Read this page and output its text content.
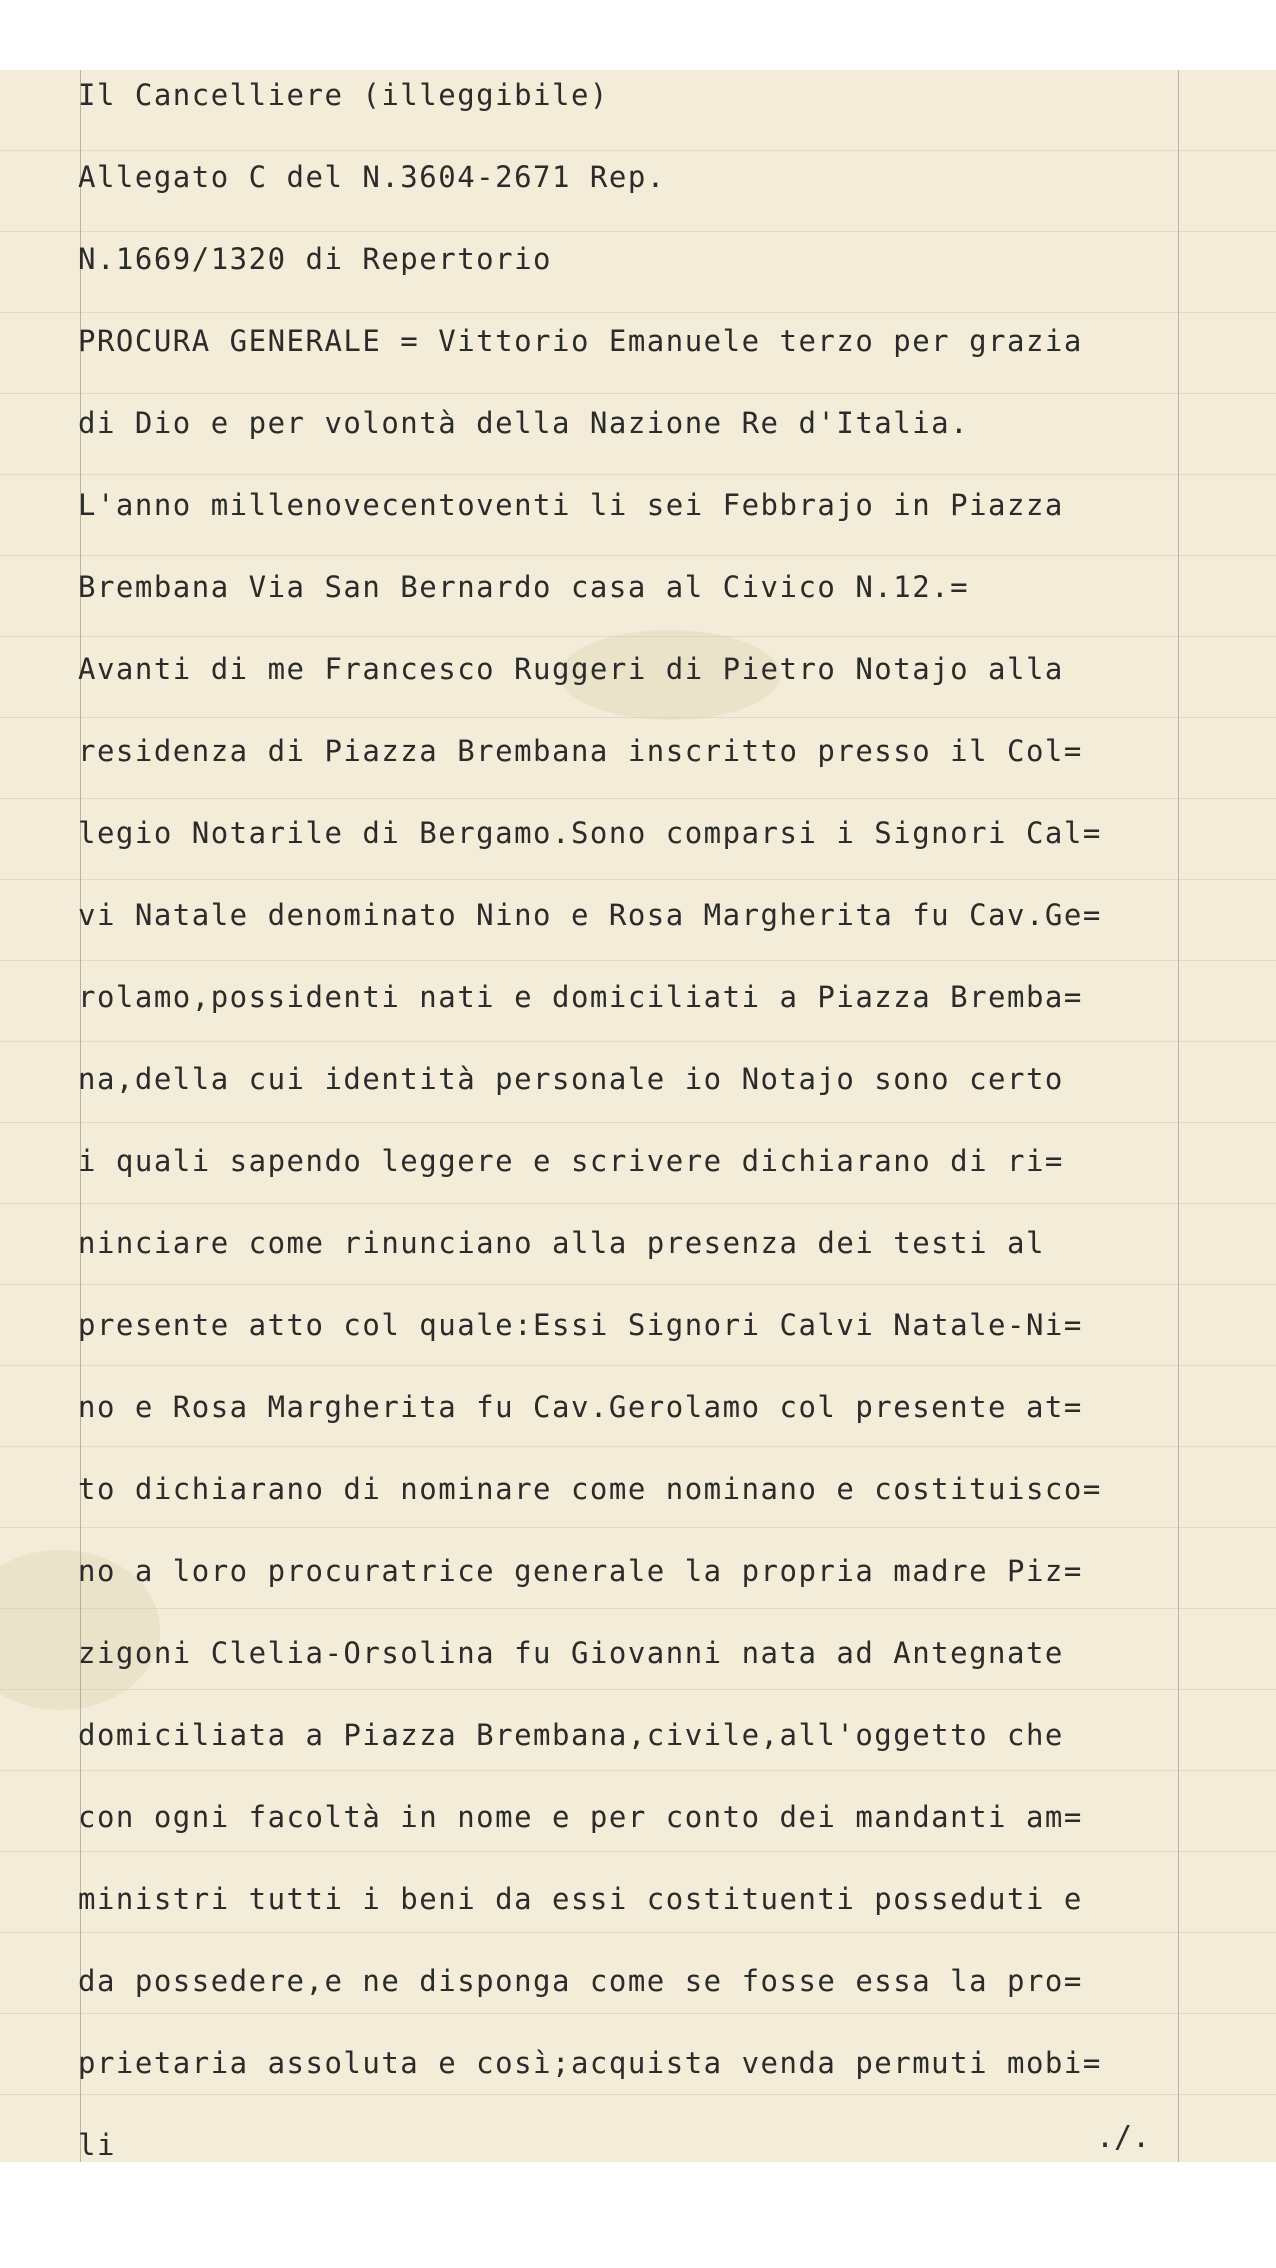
Il Cancelliere (illeggibile)
Allegato C del N.3604-2671 Rep.
N.1669/1320 di Repertorio
PROCURA GENERALE = Vittorio Emanuele terzo per grazia
di Dio e per volontà della Nazione Re d'Italia.
L'anno millenovecentoventi li sei Febbrajo in Piazza
Brembana Via San Bernardo casa al Civico N.12.=
Avanti di me Francesco Ruggeri di Pietro Notajo alla
residenza di Piazza Brembana inscritto presso il Col=
legio Notarile di Bergamo.Sono comparsi i Signori Cal=
vi Natale denominato Nino e Rosa Margherita fu Cav.Ge=
rolamo,possidenti nati e domiciliati a Piazza Bremba=
na,della cui identità personale io Notajo sono certo
i quali sapendo leggere e scrivere dichiarano di ri=
ninciare come rinunciano alla presenza dei testi al
presente atto col quale:Essi Signori Calvi Natale-Ni=
no e Rosa Margherita fu Cav.Gerolamo col presente at=
to dichiarano di nominare come nominano e costituisco=
no a loro procuratrice generale la propria madre Piz=
zigoni Clelia-Orsolina fu Giovanni nata ad Antegnate
domiciliata a Piazza Brembana,civile,all'oggetto che
con ogni facoltà in nome e per conto dei mandanti am=
ministri tutti i beni da essi costituenti posseduti e
da possedere,e ne disponga come se fosse essa la pro=
prietaria assoluta e così;acquista venda permuti mobi=
li	./.
